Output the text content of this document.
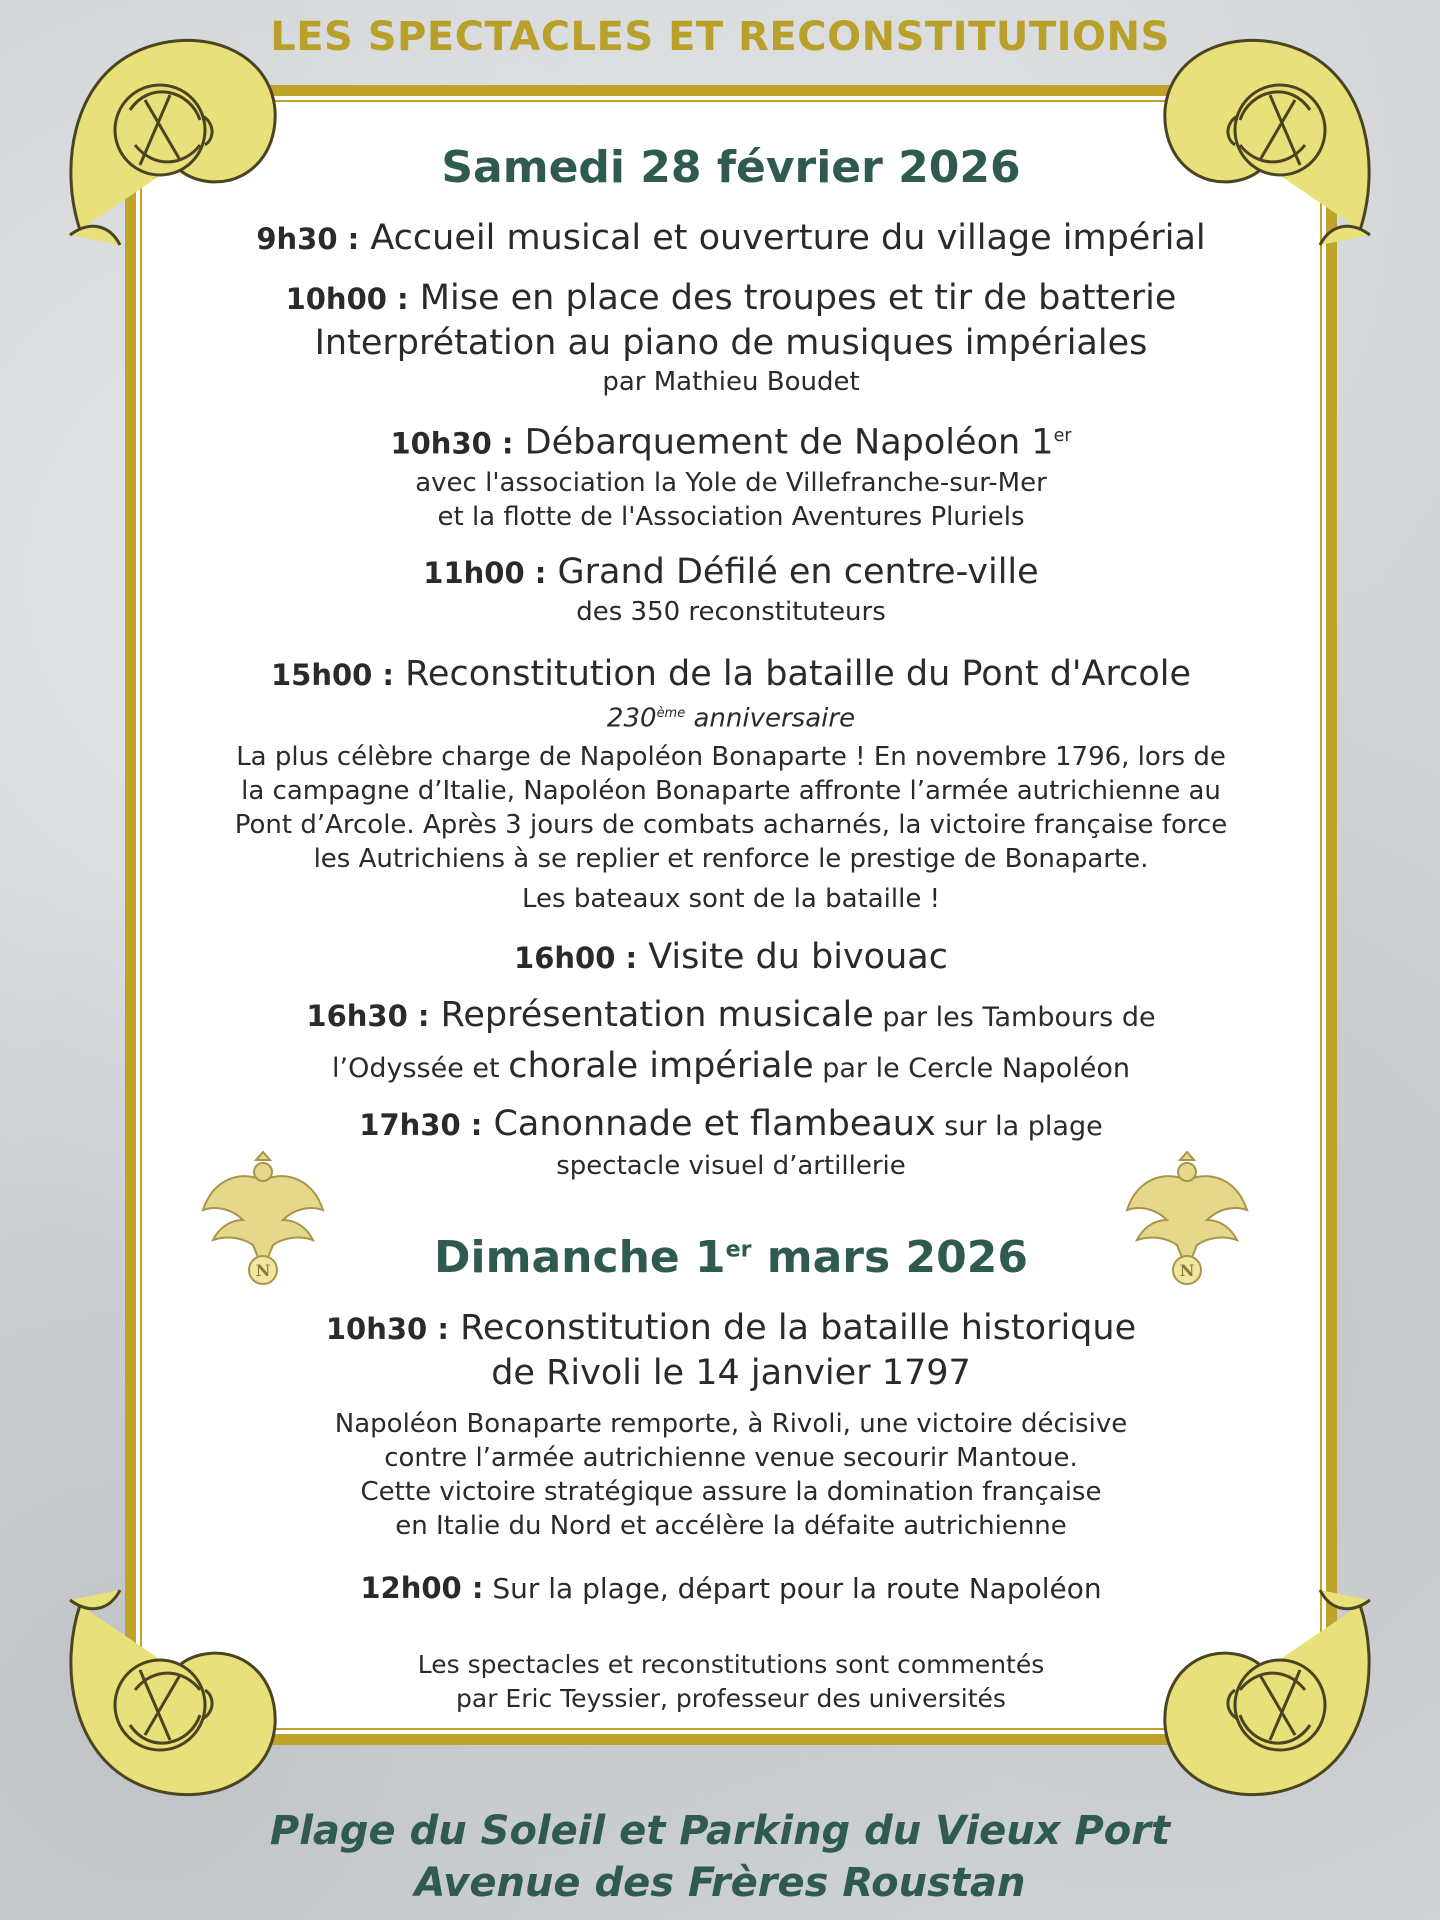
LES SPECTACLES ET RECONSTITUTIONS
Samedi 28 février 2026

9h30 : Accueil musical et ouverture du village impérial

10h00 : Mise en place des troupes et tir de batterie

Interprétation au piano de musiques impériales

par Mathieu Boudet

10h30 : Débarquement de Napoléon 1er

avec l'association la Yole de Villefranche-sur-Mer

et la flotte de l'Association Aventures Pluriels

11h00 : Grand Défilé en centre-ville

des 350 reconstituteurs

15h00 : Reconstitution de la bataille du Pont d'Arcole

230ème anniversaire

La plus célèbre charge de Napoléon Bonaparte ! En novembre 1796, lors de

la campagne d’Italie, Napoléon Bonaparte affronte l’armée autrichienne au

Pont d’Arcole. Après 3 jours de combats acharnés, la victoire française force

les Autrichiens à se replier et renforce le prestige de Bonaparte.

Les bateaux sont de la bataille !

16h00 : Visite du bivouac

16h30 : Représentation musicale par les Tambours de

l’Odyssée et chorale impériale par le Cercle Napoléon

17h30 : Canonnade et flambeaux sur la plage

spectacle visuel d’artillerie

N	N
Dimanche 1er mars 2026

10h30 : Reconstitution de la bataille historique

de Rivoli le 14 janvier 1797

Napoléon Bonaparte remporte, à Rivoli, une victoire décisive

contre l’armée autrichienne venue secourir Mantoue.

Cette victoire stratégique assure la domination française

en Italie du Nord et accélère la défaite autrichienne

12h00 : Sur la plage, départ pour la route Napoléon

Les spectacles et reconstitutions sont commentés

par Eric Teyssier, professeur des universités

Plage du Soleil et Parking du Vieux Port
Avenue des Frères Roustan
